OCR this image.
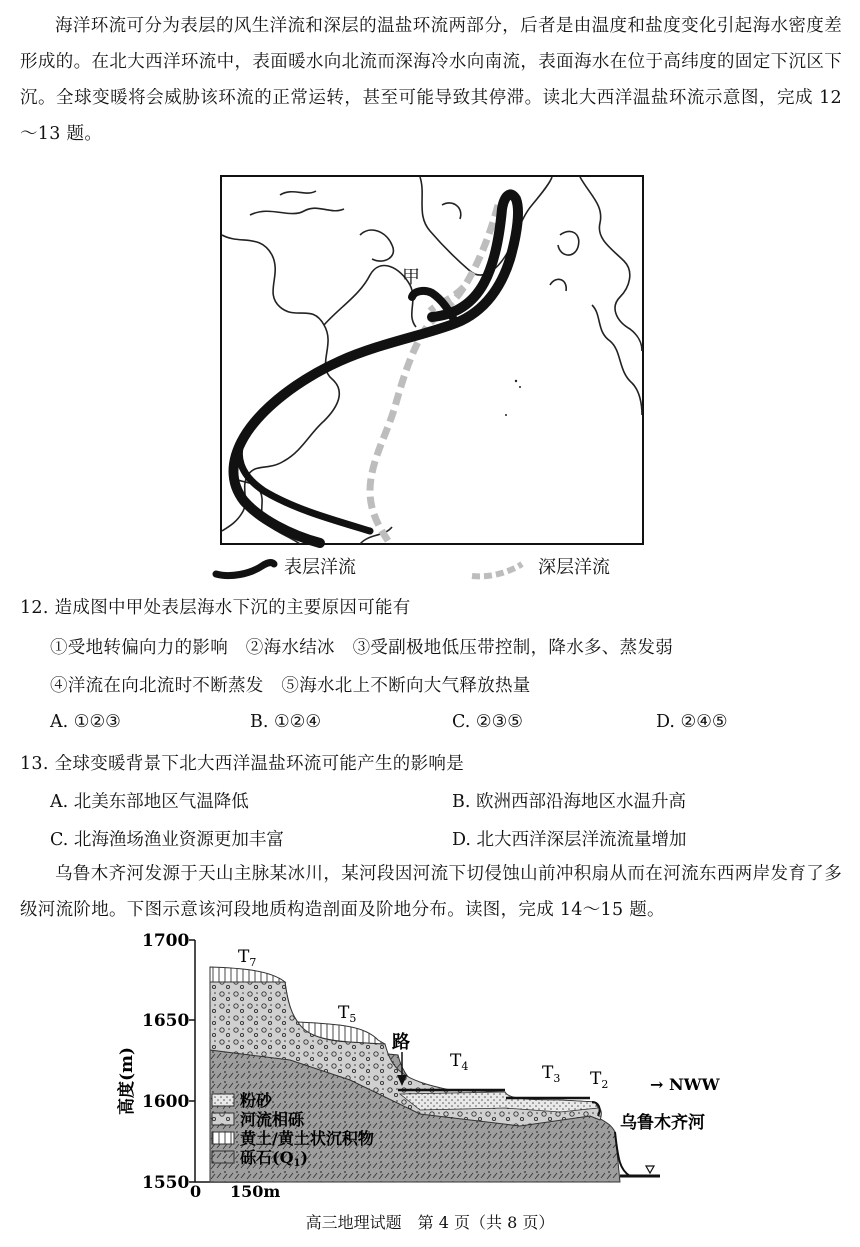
海洋环流可分为表层的风生洋流和深层的温盐环流两部分，后者是由温度和盐度变化引起海水密度差形成的。在北大西洋环流中，表面暖水向北流而深海冷水向南流，表面海水在位于高纬度的固定下沉区下沉。全球变暖将会威胁该环流的正常运转，甚至可能导致其停滞。读北大西洋温盐环流示意图，完成 12～13 题。
甲
表层洋流	深层洋流
12. 造成图中甲处表层海水下沉的主要原因可能有
①受地转偏向力的影响　②海水结冰　③受副极地低压带控制，降水多、蒸发弱
④洋流在向北流时不断蒸发　⑤海水北上不断向大气释放热量
A. ①②③	B. ①②④	C. ②③⑤	D. ②④⑤
13. 全球变暖背景下北大西洋温盐环流可能产生的影响是
A. 北美东部地区气温降低	B. 欧洲西部沿海地区水温升高
C. 北海渔场渔业资源更加丰富	D. 北大西洋深层洋流流量增加
乌鲁木齐河发源于天山主脉某冰川，某河段因河流下切侵蚀山前冲积扇从而在河流东西两岸发育了多级河流阶地。下图示意该河段地质构造剖面及阶地分布。读图，完成 14～15 题。
1700
1650
1600
1550
高度(m)
0 150m
$T_7$
$T_5$
$T_4$	$T_3$ $T_2$
路
→ NWW
乌鲁木齐河
粉砂
河流相砾
黄土/黄土状沉积物
砾石(Q1)
高三地理试题　第 4 页（共 8 页）
